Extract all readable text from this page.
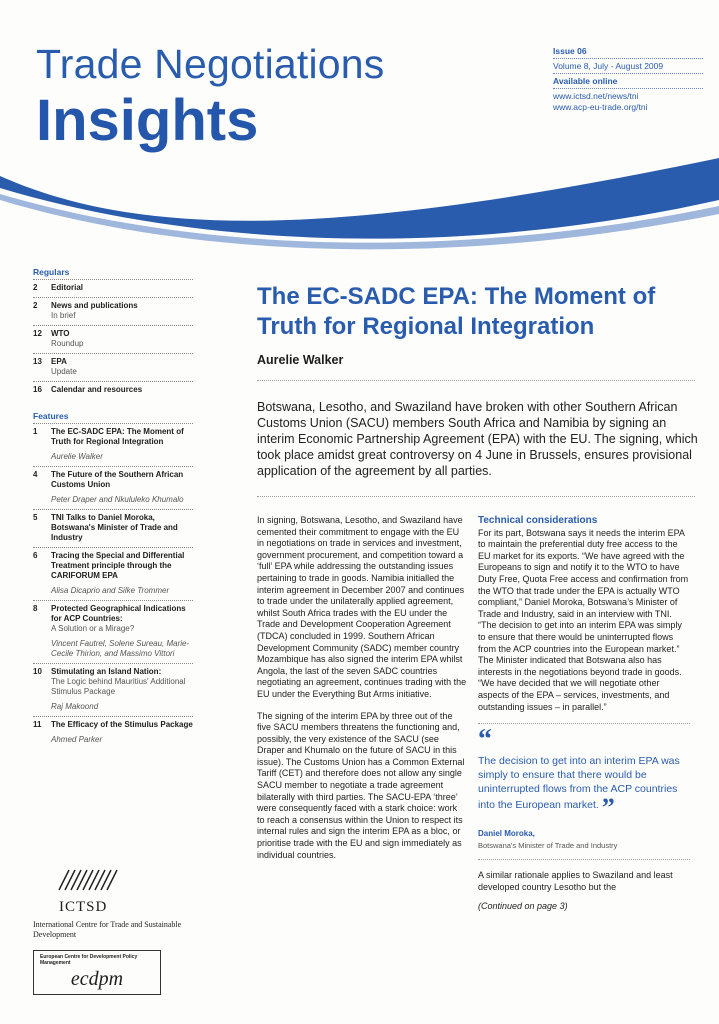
Trade Negotiations
Insights
Issue 06
Volume 8, July - August 2009
Available online
www.ictsd.net/news/tni
www.acp-eu-trade.org/tni
Regulars
2	Editorial
2	News and publications
In brief
12	WTO
Roundup
13	EPA
Update
16	Calendar and resources
Features
1	The EC-SADC EPA: The Moment of Truth for Regional Integration
Aurelie Walker
4	The Future of the Southern African Customs Union
Peter Draper and Nkululeko Khumalo
5	TNI Talks to Daniel Moroka, Botswana's Minister of Trade and Industry
6	Tracing the Special and Differential Treatment principle through the CARIFORUM EPA
Alisa Dicaprio and Silke Trommer
8	Protected Geographical Indications for ACP Countries:
A Solution or a Mirage?
Vincent Fautrel, Solene Sureau, Marie-Cecile Thirion, and Massimo Vittori
10	Stimulating an Island Nation:
The Logic behind Mauritius' Additional Stimulus Package
Raj Makoond
11	The Efficacy of the Stimulus Package
Ahmed Parker
ICTSD
International Centre for Trade and Sustainable Development
European Centre for Development Policy Management
ecdpm
The EC-SADC EPA: The Moment of Truth for Regional Integration
Aurelie Walker
Botswana, Lesotho, and Swaziland have broken with other Southern African Customs Union (SACU) members South Africa and Namibia by signing an interim Economic Partnership Agreement (EPA) with the EU. The signing, which took place amidst great controversy on 4 June in Brussels, ensures provisional application of the agreement by all parties.

In signing, Botswana, Lesotho, and Swaziland have cemented their commitment to engage with the EU in negotiations on trade in services and investment, government procurement, and competition toward a ‘full’ EPA while addressing the outstanding issues pertaining to trade in goods. Namibia initialled the interim agreement in December 2007 and continues to trade under the unilaterally applied agreement, whilst South Africa trades with the EU under the Trade and Development Cooperation Agreement (TDCA) concluded in 1999. Southern African Development Community (SADC) member country Mozambique has also signed the interim EPA whilst Angola, the last of the seven SADC countries negotiating an agreement, continues trading with the EU under the Everything But Arms initiative.

The signing of the interim EPA by three out of the five SACU members threatens the functioning and, possibly, the very existence of the SACU (see Draper and Khumalo on the future of SACU in this issue). The Customs Union has a Common External Tariff (CET) and therefore does not allow any single SACU member to negotiate a trade agreement bilaterally with third parties. The SACU-EPA ‘three’ were consequently faced with a stark choice: work to reach a consensus within the Union to respect its internal rules and sign the interim EPA as a bloc, or prioritise trade with the EU and sign immediately as individual countries.

Technical considerations

For its part, Botswana says it needs the interim EPA to maintain the preferential duty free access to the EU market for its exports. “We have agreed with the Europeans to sign and notify it to the WTO to have Duty Free, Quota Free access and confirmation from the WTO that trade under the EPA is actually WTO compliant,” Daniel Moroka, Botswana’s Minister of Trade and Industry, said in an interview with TNI. “The decision to get into an interim EPA was simply to ensure that there would be uninterrupted flows from the ACP countries into the European market.” The Minister indicated that Botswana also has interests in the negotiations beyond trade in goods. “We have decided that we will negotiate other aspects of the EPA – services, investments, and outstanding issues – in parallel.”

“
The decision to get into an interim EPA was simply to ensure that there would be uninterrupted flows from the ACP countries into the European market. ”
Daniel Moroka,
Botswana's Minister of Trade and Industry

A similar rationale applies to Swaziland and least developed country Lesotho but the

(Continued on page 3)
